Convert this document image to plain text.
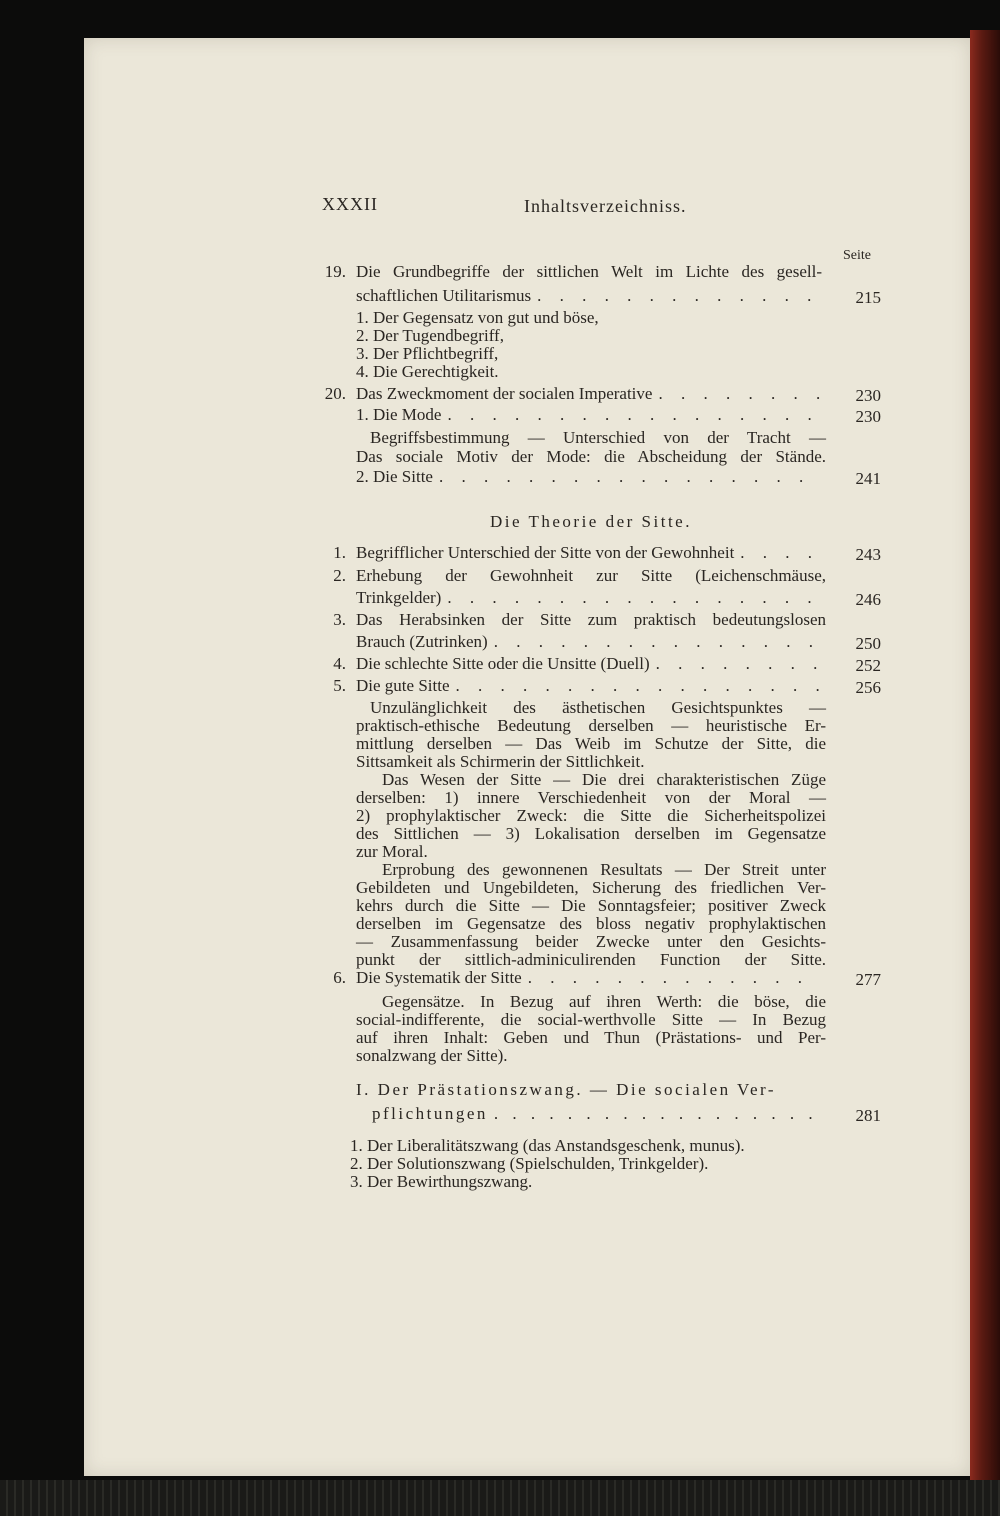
XXXII	Inhaltsverzeichniss.
Seite
19. Die Grundbegriffe der sittlichen Welt im Lichte des gesell-
schaftlichen Utilitarismus . . .	215
1. Der Gegensatz von gut und böse,
2. Der Tugendbegriff,
3. Der Pflichtbegriff,
4. Die Gerechtigkeit.
20. Das Zweckmoment der socialen Imperative . . .	230
1. Die Mode . . .	230
Begriffsbestimmung — Unterschied von der Tracht —
Das sociale Motiv der Mode: die Abscheidung der Stände.
2. Die Sitte . . .	241
Die Theorie der Sitte.
1. Begrifflicher Unterschied der Sitte von der Gewohnheit . . .	243
2. Erhebung der Gewohnheit zur Sitte (Leichenschmäuse,
Trinkgelder) . . .	246
3. Das Herabsinken der Sitte zum praktisch bedeutungslosen
Brauch (Zutrinken) . . .	250
4. Die schlechte Sitte oder die Unsitte (Duell) . . .	252
5. Die gute Sitte . . .	256
Unzulänglichkeit des ästhetischen Gesichtspunktes —
praktisch-ethische Bedeutung derselben — heuristische Er-
mittlung derselben — Das Weib im Schutze der Sitte, die
Sittsamkeit als Schirmerin der Sittlichkeit.
Das Wesen der Sitte — Die drei charakteristischen Züge
derselben: 1) innere Verschiedenheit von der Moral —
2) prophylaktischer Zweck: die Sitte die Sicherheitspolizei
des Sittlichen — 3) Lokalisation derselben im Gegensatze
zur Moral.
Erprobung des gewonnenen Resultats — Der Streit unter
Gebildeten und Ungebildeten, Sicherung des friedlichen Ver-
kehrs durch die Sitte — Die Sonntagsfeier; positiver Zweck
derselben im Gegensatze des bloss negativ prophylaktischen
— Zusammenfassung beider Zwecke unter den Gesichts-
punkt der sittlich-adminiculirenden Function der Sitte.
6. Die Systematik der Sitte . . .	277
Gegensätze. In Bezug auf ihren Werth: die böse, die
social-indifferente, die social-werthvolle Sitte — In Bezug
auf ihren Inhalt: Geben und Thun (Prästations- und Per-
sonalzwang der Sitte).
I. Der Prästationszwang. — Die socialen Ver-
pflichtungen . . .	281
1. Der Liberalitätszwang (das Anstandsgeschenk, munus).
2. Der Solutionszwang (Spielschulden, Trinkgelder).
3. Der Bewirthungszwang.
